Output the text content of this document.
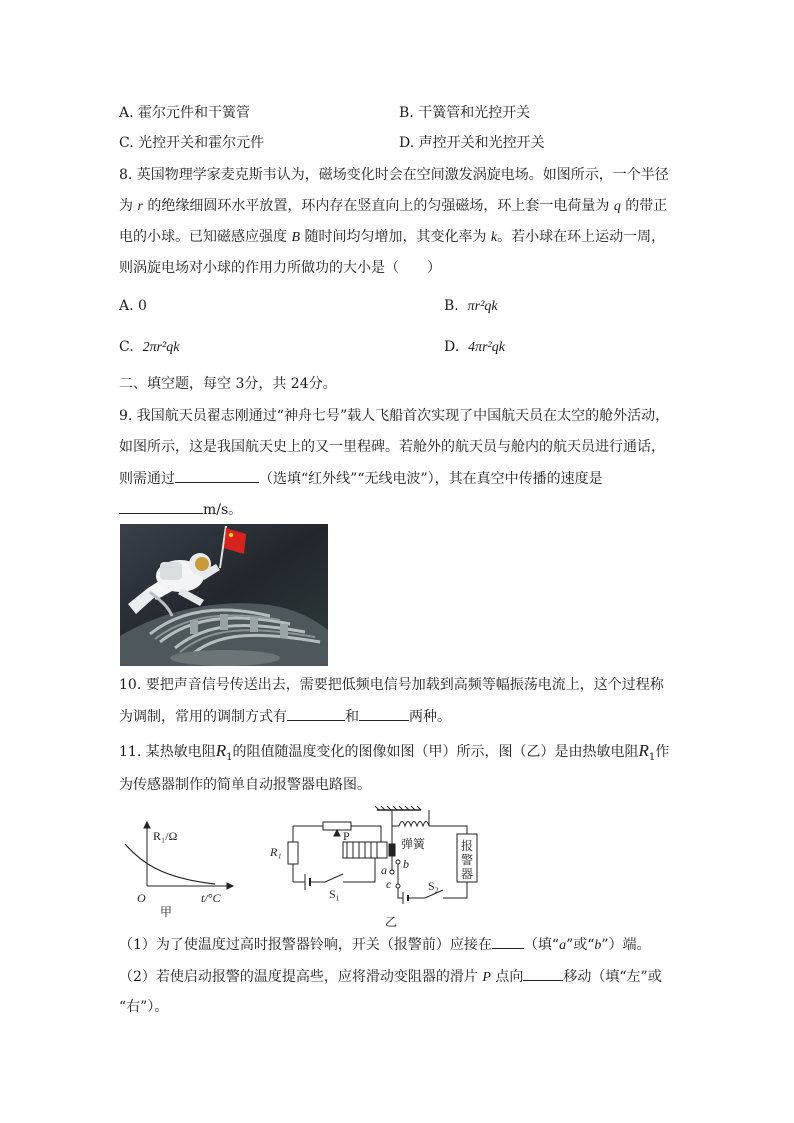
A. 霍尔元件和干簧管	B. 干簧管和光控开关
C. 光控开关和霍尔元件	D. 声控开关和光控开关
8. 英国物理学家麦克斯韦认为，磁场变化时会在空间激发涡旋电场。如图所示，一个半径
为 r 的绝缘细圆环水平放置，环内存在竖直向上的匀强磁场，环上套一电荷量为 q 的带正
电的小球。已知磁感应强度 B 随时间均匀增加，其变化率为 k。若小球在环上运动一周，
则涡旋电场对小球的作用力所做功的大小是（　　）
A. 0	B. πr²qk
C. 2πr²qk	D. 4πr²qk
二、填空题，每空 3分，共 24分。
9. 我国航天员翟志刚通过“神舟七号”载人飞船首次实现了中国航天员在太空的舱外活动，
如图所示，这是我国航天史上的又一里程碑。若舱外的航天员与舱内的航天员进行通话，
则需通过	（选填“红外线”“无线电波”），其在真空中传播的速度是
m/s。
10. 要把声音信号传送出去，需要把低频电信号加载到高频等幅振荡电流上，这个过程称
为调制，常用的调制方式有	和	两种。
11. 某热敏电阻$R_1$的阻值随温度变化的图像如图（甲）所示，图（乙）是由热敏电阻$R_1$作
为传感器制作的简单自动报警器电路图。
R₁/Ω
t/°C
O
甲
R₁
P
弹簧
a b
c
S₁
S₂
报
警
器
乙
（1）为了使温度过高时报警器铃响，开关（报警前）应接在 （填“a”或“b”）端。
（2）若使启动报警的温度提高些，应将滑动变阻器的滑片 P 点向	移动（填“左”或
“右”）。
